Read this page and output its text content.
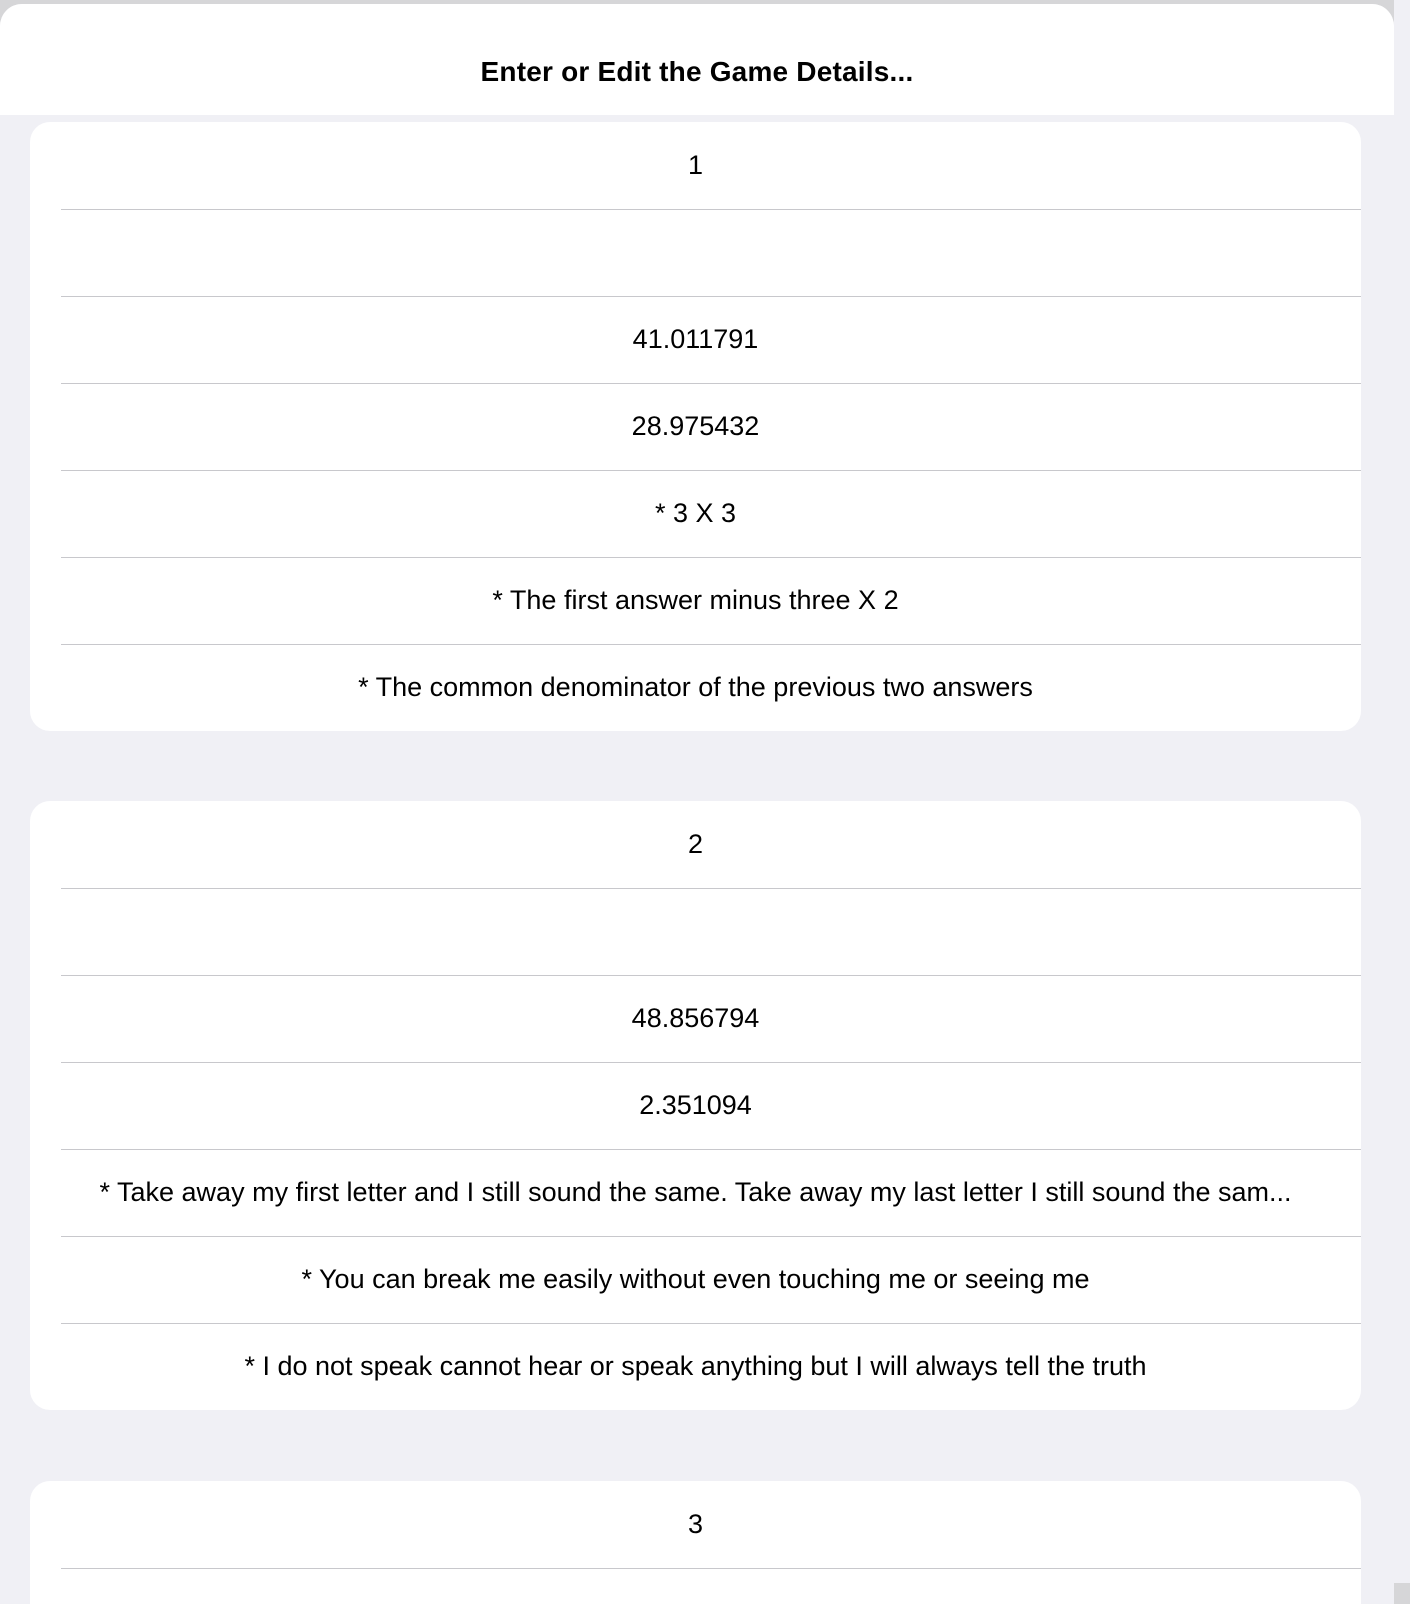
Enter or Edit the Game Details...
1
41.011791
28.975432
* 3 X 3
* The first answer minus three X 2
* The common denominator of the previous two answers
2
48.856794
2.351094
* Take away my first letter and I still sound the same. Take away my last letter I still sound the sam...
* You can break me easily without even touching me or seeing me
* I do not speak cannot hear or speak anything but I will always tell the truth
3
